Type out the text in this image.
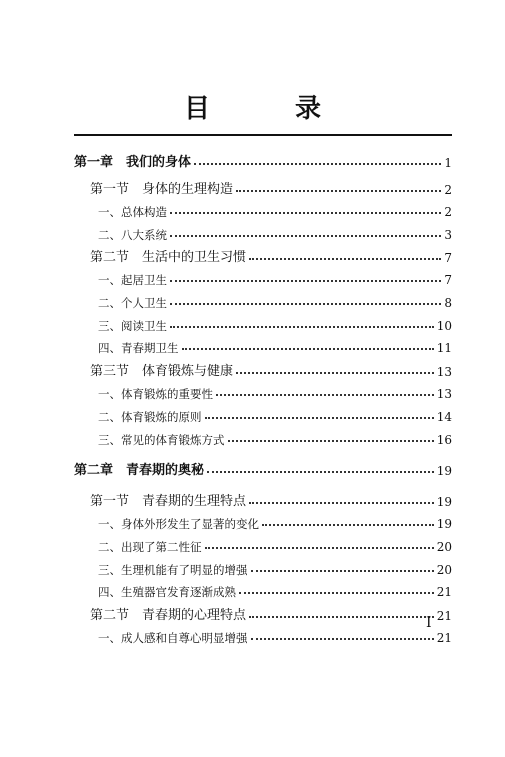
目 录
第一章　我们的身体	1
第一节　身体的生理构造	2
一、总体构造	2
二、八大系统	3
第二节　生活中的卫生习惯	7
一、起居卫生	7
二、个人卫生	8
三、阅读卫生	10
四、青春期卫生	11
第三节　体育锻炼与健康	13
一、体育锻炼的重要性	13
二、体育锻炼的原则	14
三、常见的体育锻炼方式	16
第二章　青春期的奥秘	19
第一节　青春期的生理特点	19
一、身体外形发生了显著的变化	19
二、出现了第二性征	20
三、生理机能有了明显的增强	20
四、生殖器官发育逐渐成熟	21
第二节　青春期的心理特点	21
一、成人感和自尊心明显增强	21
I
